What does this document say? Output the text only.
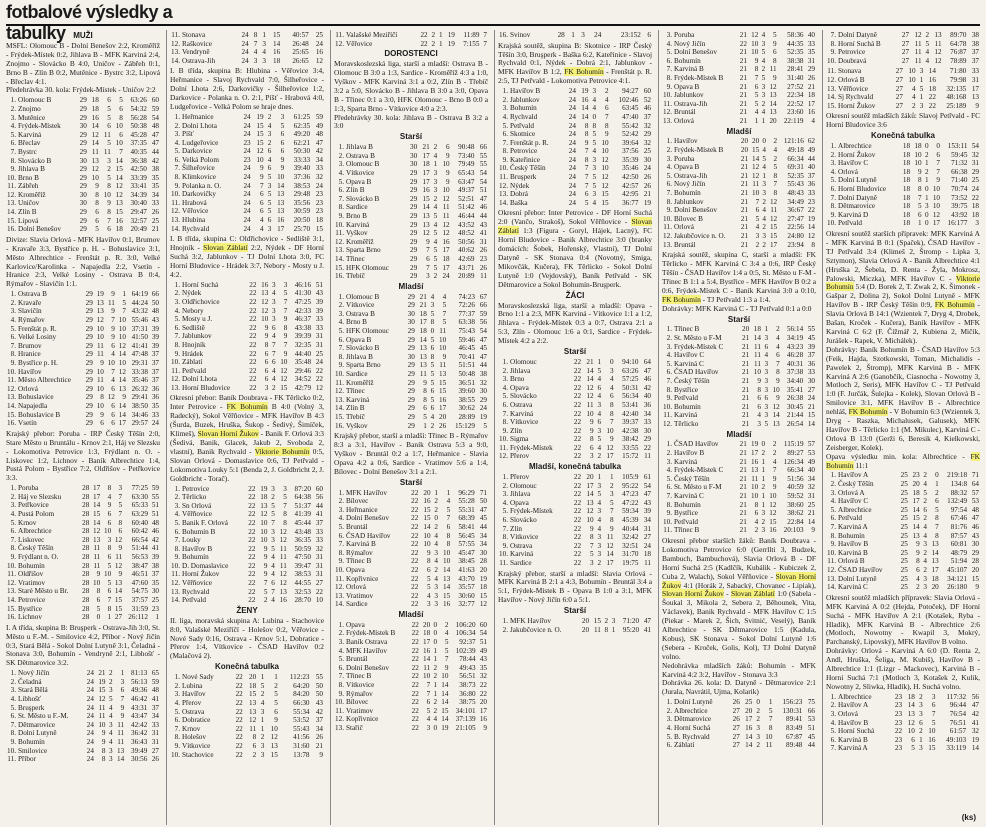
fotbalové výsledky a tabulky MUŽI

MSFL: Olomouc B - Dolní Benešov 2:2, Kroměříž - Frýdek-Místek 0:2, Jihlava B - MFK Karviná 2:4, Znojmo - Slovácko B 4:0, Uničov - Zábřeh 0:1, Brno B - Zlín B 0:2, Mutěnice - Bystrc 3:2, Lipová - Břeclav 4:1.

Předehrávka 30. kola: Frýdek-Místek - Uničov 2:2

1.	Olomouc B	29	18	6	5	63:26	60
2.	Znojmo	29	18	5	6	54:32	59
3.	Mutěnice	29	16	5	8	56:28	54
4.	Frýdek-Místek	30	14	6	10	50:38	48
5.	Karviná	29	12	11	6	45:28	47
6.	Břeclav	29	14	5	10	37:35	47
7.	Bystrc	29	11	11	7	40:35	44
8.	Slovácko B	30	13	3	14	36:38	42
9.	Jihlava B	29	12	2	15	42:50	38
10.	Brno B	29	10	5	14	33:39	35
11.	Zábřeh	29	9	8	12	33:41	35
12.	Kroměříž	30	8	10	12	34:39	34
13.	Uničov	30	8	9	13	30:40	33
14.	Zlín B	29	6	8	15	29:47	26
15.	Lipová	29	6	7	16	32:57	25
16.	Dolní Benešov	29	5	6	18	20:49	21

Divize: Slavia Orlová - MFK Havířov 0:1, Brumov - Kravaře 3:3, Bystřice p. H. - Bohuslavice 3:1, Město Albrechtice - Frenštát p. R. 3:0, Velké Karlovice/Karolinka - Napajedla 2:2, Vsetín - Hranice 2:3, Velké Losiny - Ostrava B 0:4, Rýmařov - Slavičín 1:1.

1.	Ostrava B	29	19	9	1	64:19	66
2.	Kravaře	29	13	11	5	44:24	50
3.	Slavičín	29	13	9	7	43:32	48
4.	Rýmařov	29	12	7	10	55:46	43
5.	Frenštát p. R.	29	10	9	10	37:31	39
6.	Velké Losiny	29	10	9	10	41:50	39
7.	Brumov	29	11	6	12	41:41	39
8.	Hranice	29	11	4	14	47:48	37
9.	Bystřice p. H.	29	9	10	10	29:31	37
10.	Havířov	29	10	7	12	33:38	37
11.	Město Albrechtice	29	11	4	14	35:46	37
12.	Orlová	29	10	6	13	26:32	36
13.	Bohuslavice	29	8	12	9	29:41	36
14.	Napajedla	29	10	6	14	38:50	35
15.	Bohuslavice B	29	9	6	14	34:46	33
16.	Vsetín	29	6	6	17	29:57	24

Krajský přebor: Poruba - IRP Český Těšín 2:0, Stare Město u Bruntálu - Krnov 2:1, Háj ve Slezsku - Lokomotiva Petrovice 1:3, Frýdlant n. O. - Liskovec 1:2, Lichnov - Baník Albrechtice 1:4, Pustá Polom - Bystřice 7:2, Oldřišov - Petřkovice 3:3.

1.	Poruba	28	17	8	3	77:25	59
2.	Háj ve Slezsku	28	17	4	7	63:30	55
3.	Petřkovice	28	14	9	5	65:33	51
4.	Pustá Polom	28	15	6	7	63:29	51
5.	Krnov	28	14	6	8	60:40	48
6.	Albrechtice	28	12	10	6	60:42	46
7.	Liskovec	28	13	3	12	66:54	42
8.	Český Těšín	28	11	8	9	51:44	41
9.	Frýdlant n. O.	28	11	6	11	56:53	39
10.	Bohumín	28	11	5	12	38:47	38
11.	Oldřišov	28	9	10	9	46:51	37
12.	Vratimov	28	10	5	13	47:60	35
13.	Staré Město u Br.	28	8	6	14	54:75	30
14.	Petrovice	28	6	7	15	37:57	25
15.	Bystřice	28	5	8	15	31:59	23
16.	Lichnov	28	0	1	27	26:112	1

I. A třída, skupina B: Bruşperk - Ostrava-Jih 3:0, St. Město u F.-M. - Smilovice 4:2, Příbor - Nový Jičín 0:3, Stará Bělá - Sokol Dolní Lutyně 3:1, Čeladná - Stonava 3:0, Bohumín - Vendryně 2:1, Libhošť - SK Dětmarovice 3:2.

1.	Nový Jičín	24	21	2	1	81:13	65
2.	Čeladná	24	19	2	3	56:13	59
3.	Stará Bělá	24	15	3	6	49:36	48
4.	Libhošť	24	12	5	7	46:42	41
5.	Bruşperk	24	11	4	9	43:31	37
6.	St. Město u F.-M.	24	11	4	9	43:47	34
7.	Dětmarovice	24	10	3	11	42:42	33
8.	Dolní Lutyně	24	9	4	11	36:42	31
9.	Bohumín	24	9	4	11	36:43	31
10.	Smilovice	24	8	3	13	39:49	27
11.	Příbor	24	8	3	14	30:56	26
11.	Stonava	24	8	1	15	40:57	25
12.	Raškovice	24	7	3	14	26:48	24
13.	Vendryně	24	4	4	16	25:65	16
14.	Ostrava-Jih	24	3	3	18	26:65	12

I. B třída, skupina B: Hlubina - Věřovice 3:4, Heřmanice - Slavoj Rychvald 7:0, Šilheřovice - Dolní Lhota 2:6, Darkovičky - Šilheřovice 1:2, Darkovice - Polanka n. O. 2:1, Píšť - Hrabová 4:0, Ludgeřovice - Velká Polom se hraje dnes.

1.	Heřmanice	24	19	2	3	61:25	59
2.	Dolní Lhota	24	15	4	5	62:35	49
3.	Píšť	24	15	3	6	49:20	48
4.	Ludgeřovice	23	15	2	6	62:21	47
5.	Darkovice	24	12	6	6	50:30	42
6.	Velká Polom	23	10	4	9	33:33	34
7.	Šilheřovice	24	9	6	9	39:40	33
8.	Klimkovice	24	9	5	10	37:36	32
9.	Polanka n. O.	24	7	3	14	38:53	24
10.	Darkovičky	24	6	5	13	29:48	23
11.	Hrabová	24	6	5	13	35:56	23
12.	Věřovice	24	6	5	13	30:59	23
13.	Hlubina	24	4	6	16	20:50	18
14.	Rychvald	24	4	3	17	25:70	15

I. B třída, skupina C: Oldřichovice - Sedliště 3:1, Hnojník - Slovan Záblatí 2:2, Nýdek - DF Horní Suchá 3:2, Jablunkov - TJ Dolní Lhota 3:0, FC Horní Bludovice - Hrádek 3:7, Nebory - Mosty u J. 4:2.

1.	Horní Suchá	22	16	3	3	46:16	51
2.	Nýdek	22	13	4	5	41:30	43
3.	Oldřichovice	22	12	3	7	47:25	39
4.	Nebory	22	12	3	7	42:33	39
5.	Mosty u J.	22	10	3	9	46:37	33
6.	Sedliště	22	9	6	8	43:38	33
7.	Jablunkov	22	9	4	9	39:39	31
8.	Hnojník	22	8	7	7	32:35	31
9.	Hrádek	22	6	7	9	44:40	25
10.	Záblatí	22	6	6	10	35:48	24
11.	Petřvald	22	6	4	12	29:46	22
12.	Dolní Lhota	22	6	4	12	34:52	22
13.	Horní Bludovice	22	3	2	15	42:79	12

Okresní přebor: Baník Doubrava - FK Těrlicko 0:2, Inter Petrovice - FK Bohumín B 4:0 (Volný 3, Radecký), Sokol Věřňovice - MFK Havířov B 4:3 (Šurda, Buzek, Hruška, Šukop - Šedivý, Šimíček, Klimeš), Slovan Horní Žukov - Banik F. Orlová 3:3 (Šedivá, Banik, Glacek, Jakub 2, Svoboda 2, vlastní), Banik Rychvald - Viktorie Bohumín 0:5, Slovan Orlová - Domaslavice 0:6, TJ Petřvald - Lokomotiva Louky 5:1 (Benda 2, J. Goldbricht 2, J. Goldbricht - Torač).

1.	Petrovice	22	19	3	3	87:20	60
2.	Těrlicko	22	18	2	5	64:38	56
3.	Sn Orlová	22	13	5	7	51:37	44
4.	Věřňovice	22	12	5	8	41:39	41
5.	Banik F. Orlová	22	10	7	8	45:44	37
6.	Bohumín B	22	10	3	12	43:48	33
7.	Louky	22	10	3	12	36:35	33
8.	Havířov B	22	9	5	11	50:59	32
9.	Bohumín	22	9	4	11	47:50	31
10.	D. Domaslavice	22	9	4	11	39:47	31
11.	Horní Žukov	22	9	4	12	38:53	31
12.	Věřňovice	22	7	6	12	44:55	27
13.	Rychvald	22	5	7	13	32:53	22
14.	Petřvald	22	2	4	16	28:70	10
ŽENY

II. liga, moravská skupina A: Lubina - Stachovice 8:0, Valašské Meziříčí - Holešov 0:2, Věřovice - Nové Sady 0:16, Ostrava - Krnov 5:1, Dobratice - Přerov 1:4, Vítkovice - ČSAD Havířov 0:2 (Malačová 2).

Konečná tabulka
1.	Nové Sady	22	20	1	1	112:23	55
2.	Lubina	22	18	5	2	64:20	50
3.	Havířov	22	15	2	5	84:20	50
4.	Přerov	22	13	4	5	66:30	43
5.	Ostrava	22	13	3	6	55:34	42
6.	Dobratice	22	12	1	9	53:52	37
7.	Krnov	22	11	1	10	55:43	34
8.	Holešov	22	8	2	12	41:56	26
9.	Vítkovice	22	6	3	13	31:60	21
10.	Stachovice	22	2	3	15	13:78	9
11.	Valašské Meziříčí	22	2	1	19	11:89	7
12.	Věřovice	22	2	1	19	7:155	7
DOROSTENCI

Moravskoslezská liga, starší a mladší: Ostrava B - Olomouc B 3:0 a 1:3, Sardice - Kroměříž 4:3 a 1:0, Vyškov - MFK Karviná 3:1 a 0:2, Zlín B - Třebíč 3:2 a 5:0, Slovácko B - Jihlava B 3:0 a 3:0, Opava B - Třinec 0:1 a 3:0, HFK Olomouc - Brno B 0:0 a 1:3, Sparta Brno - Vítkovice 4:0 a 2:3.

Předehrávky 30. kola: Jihlava B - Ostrava B 3:2 a 3:0

Starší
1.	Jihlava B	30	21	2	6	90:48	66
2.	Ostrava B	30	17	4	9	73:40	55
3.	Olomouc B	30	18	1	10	79:49	55
4.	Vítkovice	29	17	3	9	65:43	54
5.	Opava B	29	17	3	9	63:47	54
6.	Zlín B	29	16	3	10	49:37	51
7.	Slovácko B	29	15	2	12	52:51	47
8.	Sardice	29	14	4	11	51:42	46
9.	Brno B	29	13	5	11	46:44	44
10.	Karviná	29	13	4	12	43:52	43
11.	Vyškov	29	12	5	12	48:52	41
12.	Kroměříž	29	9	4	16	50:56	31
13.	Sparta Brno	29	7	5	17	40:62	26
14.	Třinec	29	6	5	18	42:69	23
15.	HFK Olomouc	29	7	5	17	43:71	26
16.	Třebíč	29	3	2	24	20:89	11
Mladší
1.	Olomouc B	29	21	4	4	74:23	67
2.	Vítkovice	29	21	3	5	72:26	66
3.	Ostrava B	30	18	5	7	77:37	59
4.	Brno B	30	17	8	5	63:38	56
5.	HFK Olomouc	29	18	0	11	75:43	54
6.	Opava B	29	14	5	10	59:46	47
7.	Slovácko B	29	13	6	10	46:45	45
8.	Jihlava B	30	13	8	9	70:41	47
9.	Sparta Brno	29	13	5	11	51:51	44
10.	Sardice	29	11	5	13	50:48	38
11.	Kroměříž	29	9	5	15	36:51	32
12.	Třinec	29	8	6	15	39:60	30
13.	Karviná	29	8	5	16	38:55	29
14.	Zlín B	29	6	6	17	30:62	24
15.	Třebíč	29	5	4	20	28:89	19
16.	Vyškov	29	1	2	26	15:129	5

Krajský přebor, starší a mladší: Třinec B - Rýmařov 8:3 a 3:1, Havířov - Baník Ostrava 5:3 a 9:0, Vyškov - Bruntál 0:2 a 1:7, Heřmanice - Slavia Opava 4:2 a 0:6, Sardice - Vratimov 5:6 a 1:4, Bílovec - Dolní Benešov 3:1 a 2:1.

Starší
1.	MFK Havířov	22	20	1	1	96:29	71
2.	Bílovec	22	16	2	4	55:28	50
3.	Heřmanice	22	15	2	5	55:31	47
4.	Dolní Benešov	22	15	0	7	68:39	45
5.	Bruntál	22	14	2	6	58:41	44
6.	ČSAD Havířov	22	10	4	8	56:45	34
7.	Karviná B	22	10	4	8	57:55	34
8.	Rýmařov	22	9	3	10	45:47	30
9.	Třinec B	22	8	4	10	38:45	28
10.	Opava	22	6	2	14	41:63	20
11.	Kopřivnice	22	5	4	13	43:70	19
12.	Orlová	22	5	3	14	35:57	18
13.	Vratimov	22	4	3	15	30:60	15
14.	Sardice	22	3	3	16	32:77	12
Mladší
1.	Opava	22	20	0	2	106:20	60
2.	Frýdek-Místek B	22	18	0	4	106:34	54
3.	Baník Ostrava	22	17	0	5	92:37	51
4.	MFK Havířov	22	16	1	5	102:39	49
5.	Bruntál	22	14	1	7	78:44	43
6.	Dolní Benešov	22	11	2	9	49:43	35
7.	Třinec B	22	10	2	10	56:51	32
8.	Vítkovice	22	7	1	14	38:73	22
9.	Rýmařov	22	7	1	14	36:80	22
10.	Bílovec	22	6	2	14	38:75	20
11.	Vratimov	22	5	2	15	34:101	17
12.	Kopřivnice	22	4	4	14	37:139	16
13.	Stařič	22	3	0	19	21:105	9
16.	Svinov	28	1	3	24	23:152	6

Krajská soutěž, skupina B: Skotnice - IRP Český Těšín 3:0, Bruşperk - Baška 6:2, Kateřinice - Slavoj Rychvald 0:1, Nýdek - Dobrá 2:1, Jablunkov - MFK Havířov B 1:2, FK Bohumín - Frenštát p. R. 2:5, TJ Petřvald - Lokomotiva Petrovice 4:1.

1.	Havířov B	24	19	3	2	94:27	60
2.	Jablunkov	24	16	4	4	102:46	52
3.	Bohumín	24	14	4	6	63:45	46
4.	Rychvald	24	14	0	7	47:40	37
5.	Petřvald	24	8	8	8	55:42	32
6.	Skotnice	24	8	5	9	52:42	29
7.	Frenštát p. R.	24	9	5	10	39:64	32
8.	Petrovice	24	7	4	10	37:56	25
9.	Kateřinice	24	8	3	12	35:39	30
10.	Český Těšín	24	7	3	10	35:46	24
11.	Bruşperk	24	7	5	12	42:50	26
12.	Nýdek	24	7	5	12	42:57	26
13.	Dobrá	24	6	3	15	42:95	21
14.	Baška	24	5	4	15	36:77	19

Okresní přebor: Inter Petrovice - DF Horní Suchá 2:0 (Vančo, Strakoš), Sokol Věřňovice - Slovan Záblatí 1:3 (Figura - Goryl, Hájek, Lacný), FC Horní Bludovice - Banik Albrechtice 3:0 (branky domácích: Šobek, Hořenský, Vlastní), TJ Dolní Datyně - SK Stonava 0:4 (Novotný, Smiga, Mikovčák, Kučera), FK Těrlicko - Sokol Dolní Lutyně 1:0 (Vejdovský), Baník Petřvald - SK Dětmarovice a Sokol Bohumín-Bruşperk.

ŽÁCI

Moravskoslezská liga, starší a mladší: Opava - Brno 1:1 a 2:3, MFK Karviná - Vítkovice 1:1 a 1:2, Jihlava - Frýdek-Místek 0:3 a 0:7, Ostrava 2:1 a 5:3, Zlín - Olomouc 1:6 a 0:1, Sardice - Frýdek-Místek 4:2 a 2:2.

Starší
1.	Olomouc	22	21	1	0	94:10	64
2.	Jihlava	22	14	5	3	63:26	47
3.	Brno	22	14	4	4	57:25	46
4.	Opava	22	12	6	4	50:31	42
5.	Slovácko	22	12	4	6	56:34	40
6.	Ostrava	22	11	3	8	53:41	36
7.	Karviná	22	10	4	8	42:40	34
8.	Vítkovice	22	9	6	7	39:37	33
9.	Zlín	22	9	3	10	42:38	30
10.	Sigma	22	8	5	9	38:42	29
11.	Frýdek-Místek	22	6	4	12	33:55	22
12.	Přerov	22	3	2	17	15:72	11
Mladší, konečná tabulka
1.	Přerov	22	20	1	1	105:9	61
2.	Olomouc	22	17	3	2	95:22	54
3.	Jihlava	22	14	5	3	47:23	47
4.	Opava	22	13	4	5	47:22	43
5.	Frýdek-Místek	22	12	3	7	59:34	39
6.	Slovácko	22	10	4	8	45:39	34
7.	Zlín	22	9	4	9	40:44	31
8.	Vítkovice	22	8	3	11	32:42	27
9.	Ostrava	22	7	3	12	32:51	24
10.	Karviná	22	5	3	14	31:70	18
11.	Sardice	22	3	2	17	19:75	11

Krajský přebor, starší a mladší: Slavia Orlová - MFK Karviná B 2:1 a 4:3, Bohumín - Bruntál 3:4 a 5:1, Frýdek-Místek B - Opava B 1:0 a 3:1, MFK Havířov - Nový Jičín 6:0 a 5:1.

Starší
1.	MFK Havířov	20	15	2	3	71:20	47
2.	Jakubčovice n. O.	20	11	8	1	95:20	41
3.	Poruba	21	12	4	5	58:36	40
4.	Nový Jičín	22	10	3	9	44:35	33
5.	Dolní Benešov	21	10	5	6	52:35	35
6.	Bohumín	21	9	4	8	38:38	31
7.	Karviná B	21	8	2	11	28:41	29
8.	Frýdek-Místek B	21	7	5	9	31:40	26
9.	Opava B	21	6	3	12	27:52	21
10.	Jablunkov	21	5	3	13	22:34	18
11.	Ostrava-Jih	21	5	2	14	22:52	17
12.	Bruntál	21	4	4	13	23:60	16
13.	Orlová	21	1	1	20	22:119	4
Mladší
1.	Havířov	20	20	0	2	121:16	62
2.	Frýdek-Místek B	20	15	4	4	49:18	49
3.	Poruba	21	14	5	2	66:34	44
4.	Opava B	21	12	4	5	69:31	40
5.	Ostrava-Jih	21	12	1	8	52:35	37
6.	Nový Jičín	21	11	3	7	55:43	36
7.	Bohumín	21	10	3	8	48:43	33
8.	Jablunkov	21	7	2	12	34:49	23
9.	Dolní Benešov	21	6	4	11	36:67	22
10.	Bílovec B	21	5	4	12	27:47	19
11.	Orlová	21	4	2	15	22:56	14
12.	Jakubčovice n. O.	21	3	3	15	24:80	12
13.	Bruntál	21	2	2	17	23:94	8

Krajská soutěž, skupina C, starší a mladší: FK Těrlicko - MFK Karviná C 3:4 a 0:6, IRP Český Těšín - ČSAD Havířov 1:4 a 0:5, St. Město u F-M - Třinec B 1:1 a 5:4, Bystřice - MFK Havířov B 0:2 a 0:6, Frýdek-Místek C - Baník Karviná 3:0 a 0:10, FK Bohumín - TJ Petřvald 1:3 a 1:4.

Dohrávky: MFK Karviná C - TJ Petřvald 0:1 a 0:0

Starší
1.	Třinec B	20	18	1	2	56:14	55
2.	St. Město u F-M	21	14	3	4	34:19	45
3.	Frýdek-Místek C	21	11	6	4	43:23	39
4.	Havířov C	21	11	4	6	46:28	37
5.	Karviná C	21	11	3	7	40:31	36
6.	ČSAD Havířov	21	10	3	8	37:38	33
7.	Český Těšín	21	9	3	9	34:40	30
8.	Bystřice	21	8	3	10	35:41	27
9.	Petřvald	21	6	6	9	26:38	24
10.	Bohumín	21	6	3	12	30:45	21
11.	Karviná	21	4	3	14	21:44	15
12.	Těrlicko	21	3	5	13	26:54	14
Mladší
1.	ČSAD Havířov	21	19	0	2	115:19	57
2.	Havířov B	21	17	2	2	89:27	53
3.	Karviná	21	16	1	4	126:34	49
4.	Frýdek-Místek C	21	13	1	7	66:34	40
5.	Český Těšín	21	11	1	9	51:56	34
6.	St. Město u F-M	21	10	2	9	40:59	32
7.	Karviná C	21	10	1	10	59:52	31
8.	Bohumín	21	8	1	12	38:60	25
9.	Bystřice	21	6	3	12	38:62	21
10.	Petřvald	21	4	2	15	22:84	14
11.	Třinec B	21	2	3	16	20:103	9

Okresní přebor starších žáků: Baník Doubrava - Lokomotiva Petrovice 6:0 (Gerrllti 3, Budzek, Bambuch, Bambuchová), Slavia Orlová B - DF Horní Suchá 2:5 (Kadlčík, Kubálik - Kubiczek 2, Cuba 2, Walach), Sokol Věřňovice - Slovan Horní Žukov 4:1 (Horák 2, Sabacký, Chovanec - Lipiak), Slovan Horní Žukov - Slovan Záblatí 1:0 (Sabela - Šoukal 3, Mikola 2, Sebera 2, Běhounek, Vita, Václavek), Banik Rychvald - MFK Havířov C 1:5 (Piekar - Marek 2, Šich, Svitnić, Veselý), Baník Albrechtice - SK Dětmarovice 1:5 (Kadula, Kobus), SK Stonava - Sokol Dolní Lutyně 1:6 (Sebera - Kroček, Golis, Kol), TJ Dolní Datyně volno.

Nedohrávka mladších žáků: Bohumín - MFK Karviná 4:2 3:2, Havířov - Stonava 3:3

Dohrávka 26. kola: D. Datyně - Dětmarovice 2:1 (Jurala, Navrátil, Ujma, Kolarik)

1.	Dolní Lutyně	26	25	0	1	156:23	75
2.	Albrechtice	27	20	2	5	130:31	66
3.	Dětmarovice	26	17	2	7	89:41	53
4.	Horní Suchá	27	16	3	8	83:49	51
5.	B. Rychvald	27	14	3	10	67:87	45
6.	Záblatí	27	14	2	11	89:48	44
7.	Dolní Datyně	27	12	2	13	89:70	38
8.	Horní Suchá B	27	11	5	11	64:78	38
9.	Petrovice	27	11	4	12	76:87	37
10.	Doubravá	27	11	4	12	78:89	37
11.	Stonava	27	10	3	14	71:80	33
12.	Orlová B	27	10	1	16	79:98	31
13.	Věřňovice	27	4	5	18	32:135	17
14.	Sj Rychvald	27	4	1	22	48:168	13
15.	Horní Žukov	27	2	3	22	25:189	9

Okresní soutěž mladších žáků: Slavoj Petřvald - FC Horní Bludovice 3:6

Konečná tabulka
1.	Albrechtice	18	18	0	0	153:11	54
2.	Horní Žukov	18	10	2	6	59:45	32
3.	Havířov C	18	10	1	7	71:32	31
4.	Orlová	18	9	2	7	66:38	29
5.	Dolní Lutyně	18	8	1	9	71:40	25
6.	Horní Bludovice	18	8	0	10	70:74	24
7.	Dolní Datyně	18	7	1	10	73:52	22
8.	Dětmarovice	18	5	3	10	39:75	18
9.	Karviná D	18	6	0	12	43:92	18
10.	Petřvald	18	1	0	17	16:177	3

Okresní soutěž starších přípravek: MFK Karviná A - MFK Karviná B 0:1 (Spaček), ČSAD Havířov - TJ Petřvald 3:4 (Klimeš 2, Štromp - Lipka 3, Sztymon), Slavia Orlová A - Banik Albrechtice 4:1 (Hruška 2, Šebela, D. Renta - Žyla, Mokrosz, Palowski, Miczka), MFK Havířov C - Viktorie Bohumín 5:4 (D. Borek 2, T. Zwak 2, K. Šimonek - Gašpar 2, Dolina 2), Sokol Dolní Lutyně - MFK Havířov B - IRP Český Těšín 0:9, FK Bohumín - Slavia Orlová B 14:1 (Wzientek 7, Dryg 4, Drobek, Bašan, Kroček - Kučera), Baník Havířov - MFK Karviná C 6:2 (F. Čížmář 2, Kubiena 2, Mičík, Jurášek - Rapek, V. Michálek).

Dohrávky: Baník Bohumín B - ČSAD Havířov 5:3 (Feik, Hajda, Szotkowski, Toman, Michalidis - Pawelek 2, Štromp), MFK Karviná B - MFK Karviná A 2:6 (Ganobčík, Ciasnocha - Nowotny 3, Motloch 2, Seris), MFK Havířov C - TJ Petřvald 1:0 (F. Jurčák, Šulejka - Kolek), Slovan Orlová B - Smilovice 3:1, MFK Havířov B - Albrechtice nehláš, FK Bohumín - V Bohumín 6:3 (Wzientek 3, Dryg - Raszka, Michalusek, Galusek), MFK Havířov B - Těrlicko 1:1 (M. Mikulec), Karviná C - Orlová B 13:0 (Gerži 6, Beresik 4, Kielkowski, Zeisberger, Kolek).

Opava výsledku min. kola: Albrechtice - FK Bohumín 11:1

1.	Havířov A	25	23	2	0	219:18	71
2.	Český Těšín	25	20	4	1	134:8	64
3.	Orlová A	25	18	5	2	88:32	57
4.	Havířov C	25	17	2	6	132:49	53
5.	Albrechtice	25	14	6	5	97:54	48
6.	Petřvald	25	15	2	8	67:46	47
7.	Karviná A	25	14	4	7	81:76	46
8.	Bohumín	25	13	4	8	87:57	43
9.	Havířov B	25	9	3	13	60:81	30
10.	Karviná B	25	9	2	14	48:79	29
11.	Orlová B	25	8	4	13	51:94	28
12.	ČSAD Havířov	25	6	2	17	45:107	20
13.	Dolní Lutyně	25	4	3	18	34:121	15
14.	Karviná C	25	2	3	20	26:180	9

Okresní soutěž mladších přípravek: Slavia Orlová - MFK Karviná A 0:2 (Hejda, Potoček), DF Horní Suchá - MFK Havířov A 2:1 (Kotašek, Ryba - Hladík), MFK Karviná B - Albrechtice 2:6 (Motloch, Nowotny - Kwapil 3, Mokrý, Parchanský, Lipovský), MFK Havířov B volno.

Dohrávky: Orlová - Karviná A 6:0 (D. Renta 2, Andl, Hruška, Šeliga, M. Kubiš), Havířov B - Albrechtice 1:1 (Lizgr - Mackovec), Karviná B - Horní Suchá 7:1 (Motloch 3, Kotašek 2, Kulik, Nowotny 2, Sliwka, Hladík), H. Suchá volno.

1.	Albrechtice	23	18	2	3	117:32	56
2.	Havířov A	23	14	3	6	96:44	47
3.	Orlová	23	13	3	7	76:54	42
4.	Havířov B	23	12	6	5	76:51	41
5.	Horní Suchá	22	10	2	10	61:57	32
6.	Karviná B	23	6	1	16	49:103	19
7.	Karviná A	23	5	3	15	33:119	14
(ks)
